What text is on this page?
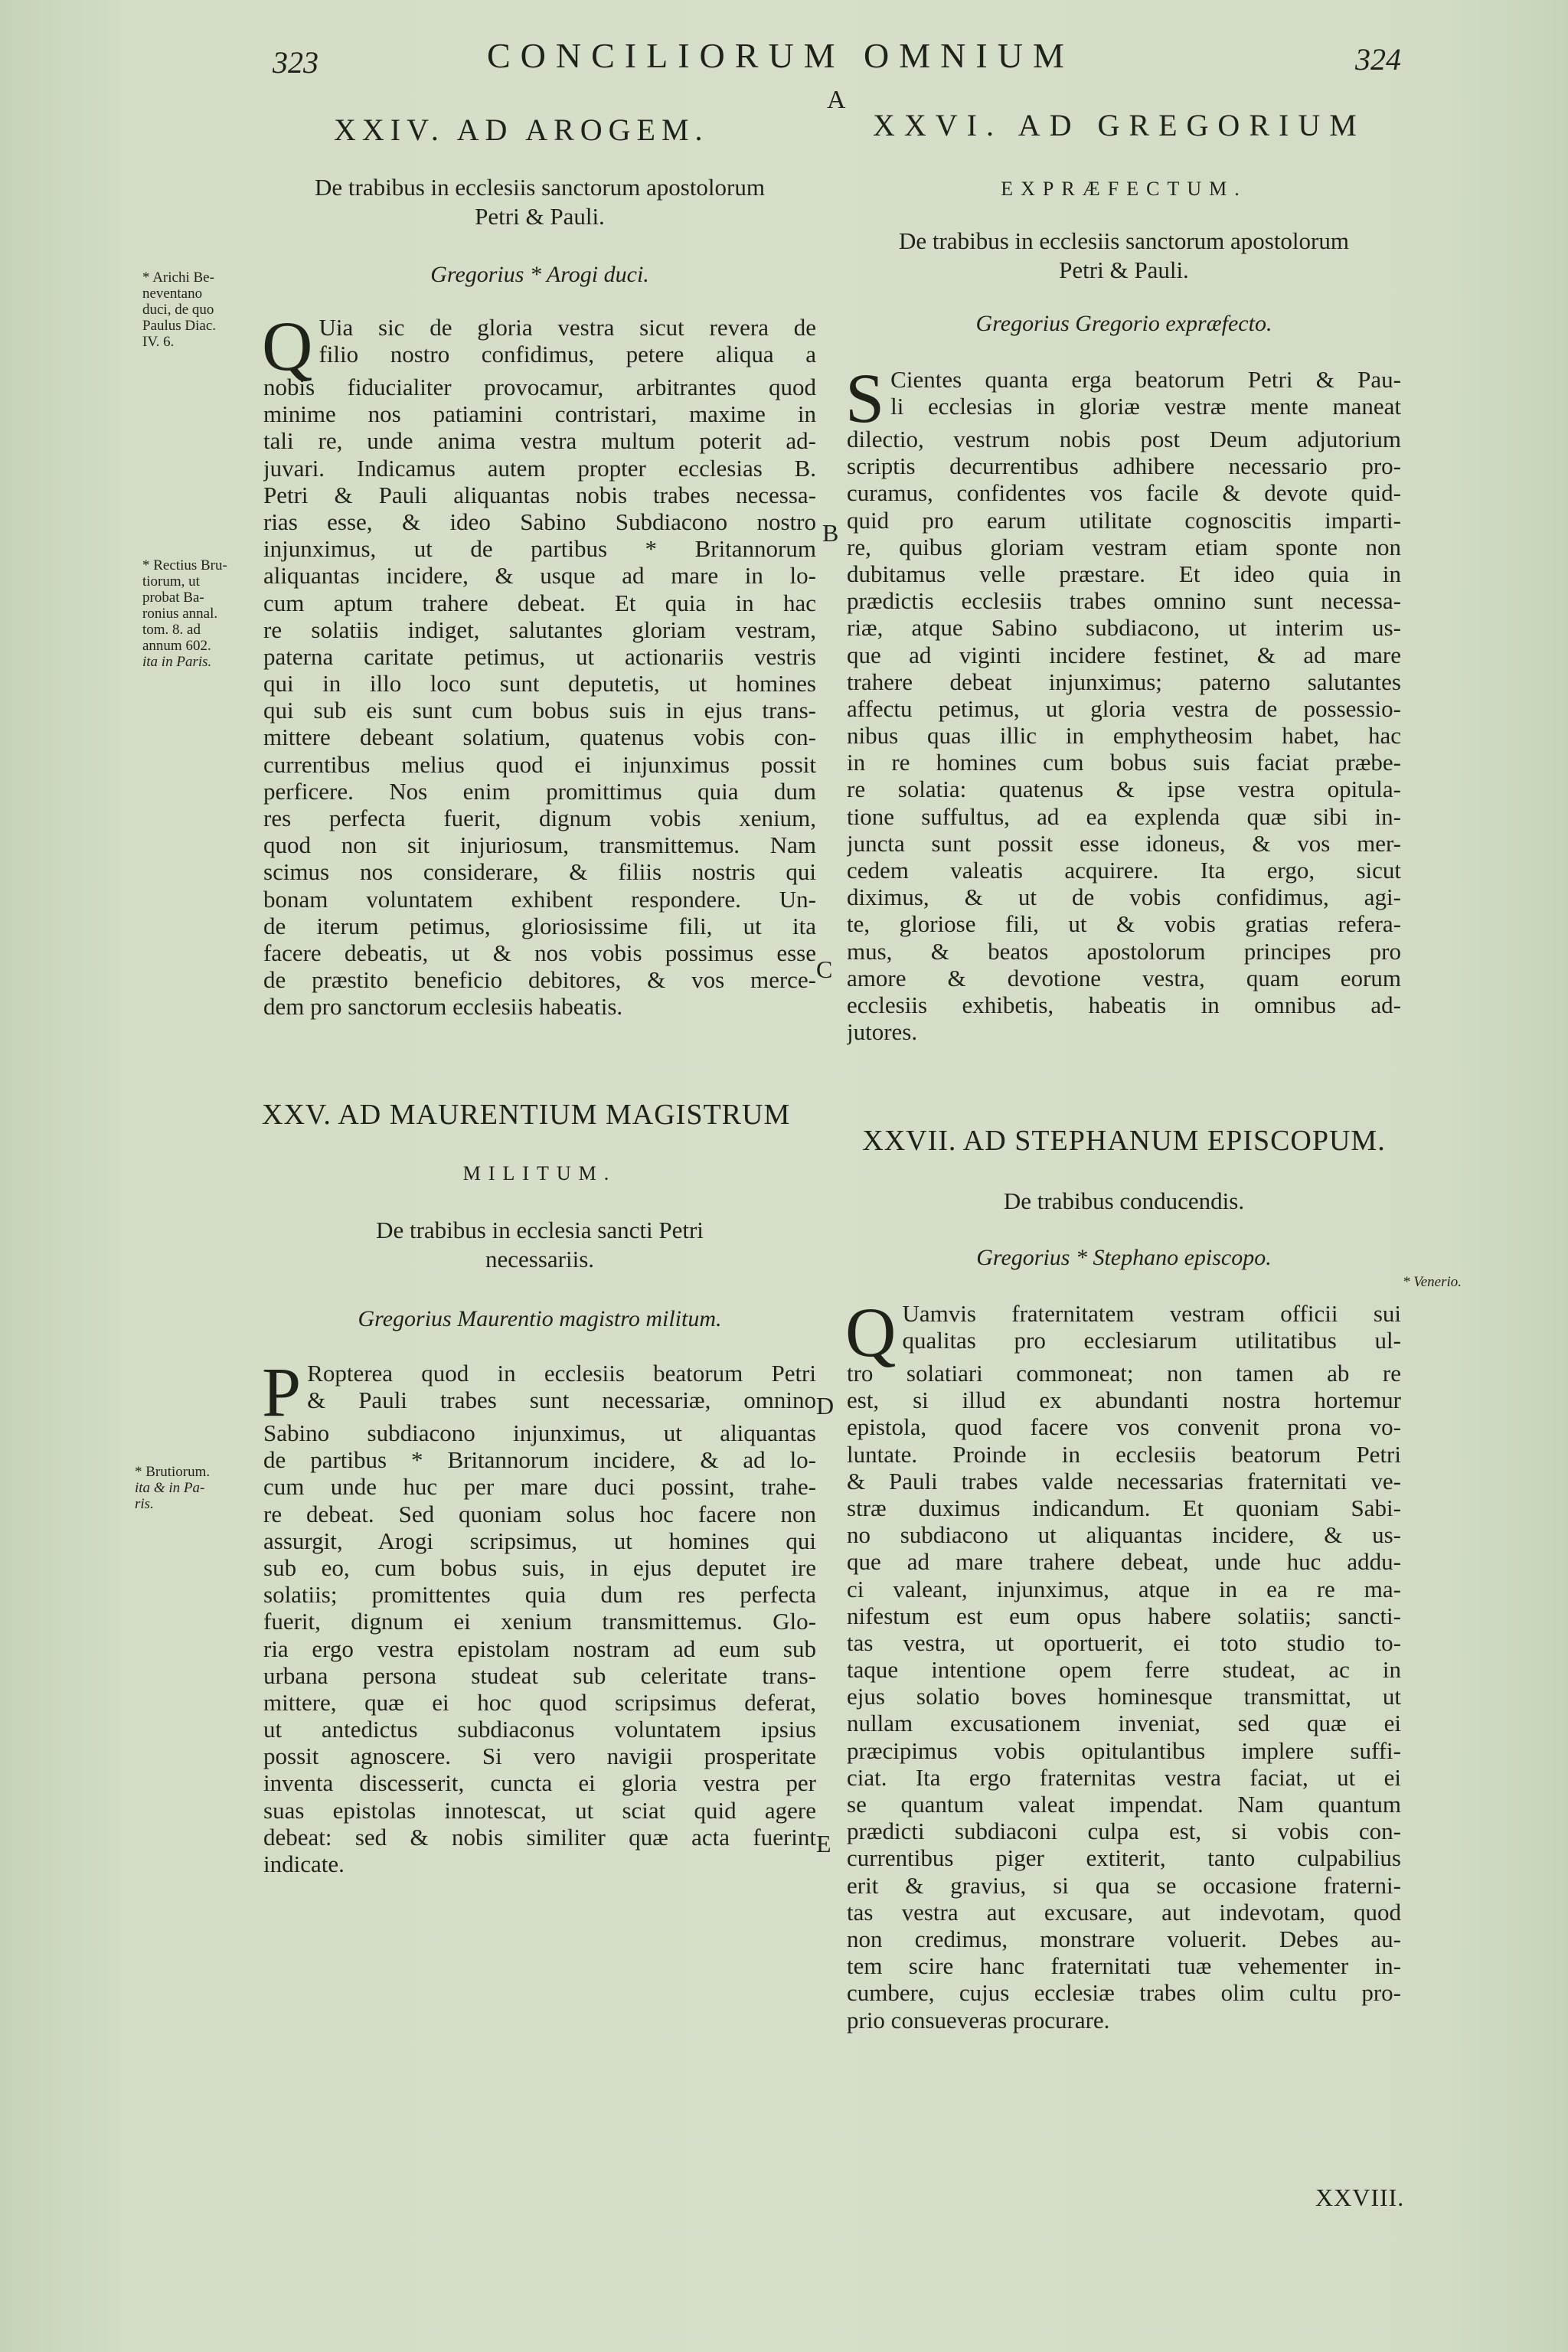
323	CONCILIORUM OMNIUM	324
A
XXIV. AD AROGEM.
De trabibus in ecclesiis sanctorum apostolorum
Petri & Pauli.
Gregorius * Arogi duci.
Q Uia sic de gloria vestra sicut revera de
filio nostro confidimus, petere aliqua a
nobis fiducialiter provocamur, arbitrantes quod
minime nos patiamini contristari, maxime in
tali re, unde anima vestra multum poterit ad-
juvari. Indicamus autem propter ecclesias B.
Petri & Pauli aliquantas nobis trabes necessa-
rias esse, & ideo Sabino Subdiacono nostro
injunximus, ut de partibus * Britannorum
aliquantas incidere, & usque ad mare in lo-
cum aptum trahere debeat. Et quia in hac
re solatiis indiget, salutantes gloriam vestram,
paterna caritate petimus, ut actionariis vestris
qui in illo loco sunt deputetis, ut homines
qui sub eis sunt cum bobus suis in ejus trans-
mittere debeant solatium, quatenus vobis con-
currentibus melius quod ei injunximus possit
perficere. Nos enim promittimus quia dum
res perfecta fuerit, dignum vobis xenium,
quod non sit injuriosum, transmittemus. Nam
scimus nos considerare, & filiis nostris qui
bonam voluntatem exhibent respondere. Un-
de iterum petimus, gloriosissime fili, ut ita
facere debeatis, ut & nos vobis possimus esse
de præstito beneficio debitores, & vos merce-
dem pro sanctorum ecclesiis habeatis.
XXV. AD MAURENTIUM MAGISTRUM
MILITUM.
De trabibus in ecclesia sancti Petri
necessariis.
Gregorius Maurentio magistro militum.
P Ropterea quod in ecclesiis beatorum Petri
& Pauli trabes sunt necessariæ, omnino
Sabino subdiacono injunximus, ut aliquantas
de partibus * Britannorum incidere, & ad lo-
cum unde huc per mare duci possint, trahe-
re debeat. Sed quoniam solus hoc facere non
assurgit, Arogi scripsimus, ut homines qui
sub eo, cum bobus suis, in ejus deputet ire
solatiis; promittentes quia dum res perfecta
fuerit, dignum ei xenium transmittemus. Glo-
ria ergo vestra epistolam nostram ad eum sub
urbana persona studeat sub celeritate trans-
mittere, quæ ei hoc quod scripsimus deferat,
ut antedictus subdiaconus voluntatem ipsius
possit agnoscere. Si vero navigii prosperitate
inventa discesserit, cuncta ei gloria vestra per
suas epistolas innotescat, ut sciat quid agere
debeat: sed & nobis similiter quæ acta fuerint
indicate.
* Arichi Be-
neventano
duci, de quo
Paulus Diac.
IV. 6.
* Rectius Bru-
tiorum, ut
probat Ba-
ronius annal.
tom. 8. ad
annum 602.
ita in Paris.
* Brutiorum.
ita & in Pa-
ris.
B
C
D
E
XXVI. AD GREGORIUM
EXPRÆFECTUM.
De trabibus in ecclesiis sanctorum apostolorum
Petri & Pauli.
Gregorius Gregorio expræfecto.
S Cientes quanta erga beatorum Petri & Pau-
li ecclesias in gloriæ vestræ mente maneat
dilectio, vestrum nobis post Deum adjutorium
scriptis decurrentibus adhibere necessario pro-
curamus, confidentes vos facile & devote quid-
quid pro earum utilitate cognoscitis imparti-
re, quibus gloriam vestram etiam sponte non
dubitamus velle præstare. Et ideo quia in
prædictis ecclesiis trabes omnino sunt necessa-
riæ, atque Sabino subdiacono, ut interim us-
que ad viginti incidere festinet, & ad mare
trahere debeat injunximus; paterno salutantes
affectu petimus, ut gloria vestra de possessio-
nibus quas illic in emphytheosim habet, hac
in re homines cum bobus suis faciat præbe-
re solatia: quatenus & ipse vestra opitula-
tione suffultus, ad ea explenda quæ sibi in-
juncta sunt possit esse idoneus, & vos mer-
cedem valeatis acquirere. Ita ergo, sicut
diximus, & ut de vobis confidimus, agi-
te, gloriose fili, ut & vobis gratias refera-
mus, & beatos apostolorum principes pro
amore & devotione vestra, quam eorum
ecclesiis exhibetis, habeatis in omnibus ad-
jutores.
XXVII. AD STEPHANUM EPISCOPUM.
De trabibus conducendis.
Gregorius * Stephano episcopo.
Q Uamvis fraternitatem vestram officii sui
qualitas pro ecclesiarum utilitatibus ul-
tro solatiari commoneat; non tamen ab re
est, si illud ex abundanti nostra hortemur
epistola, quod facere vos convenit prona vo-
luntate. Proinde in ecclesiis beatorum Petri
& Pauli trabes valde necessarias fraternitati ve-
stræ duximus indicandum. Et quoniam Sabi-
no subdiacono ut aliquantas incidere, & us-
que ad mare trahere debeat, unde huc addu-
ci valeant, injunximus, atque in ea re ma-
nifestum est eum opus habere solatiis; sancti-
tas vestra, ut oportuerit, ei toto studio to-
taque intentione opem ferre studeat, ac in
ejus solatio boves hominesque transmittat, ut
nullam excusationem inveniat, sed quæ ei
præcipimus vobis opitulantibus implere suffi-
ciat. Ita ergo fraternitas vestra faciat, ut ei
se quantum valeat impendat. Nam quantum
prædicti subdiaconi culpa est, si vobis con-
currentibus piger extiterit, tanto culpabilius
erit & gravius, si qua se occasione fraterni-
tas vestra aut excusare, aut indevotam, quod
non credimus, monstrare voluerit. Debes au-
tem scire hanc fraternitati tuæ vehementer in-
cumbere, cujus ecclesiæ trabes olim cultu pro-
prio consueveras procurare.
* Venerio.
XXVIII.
